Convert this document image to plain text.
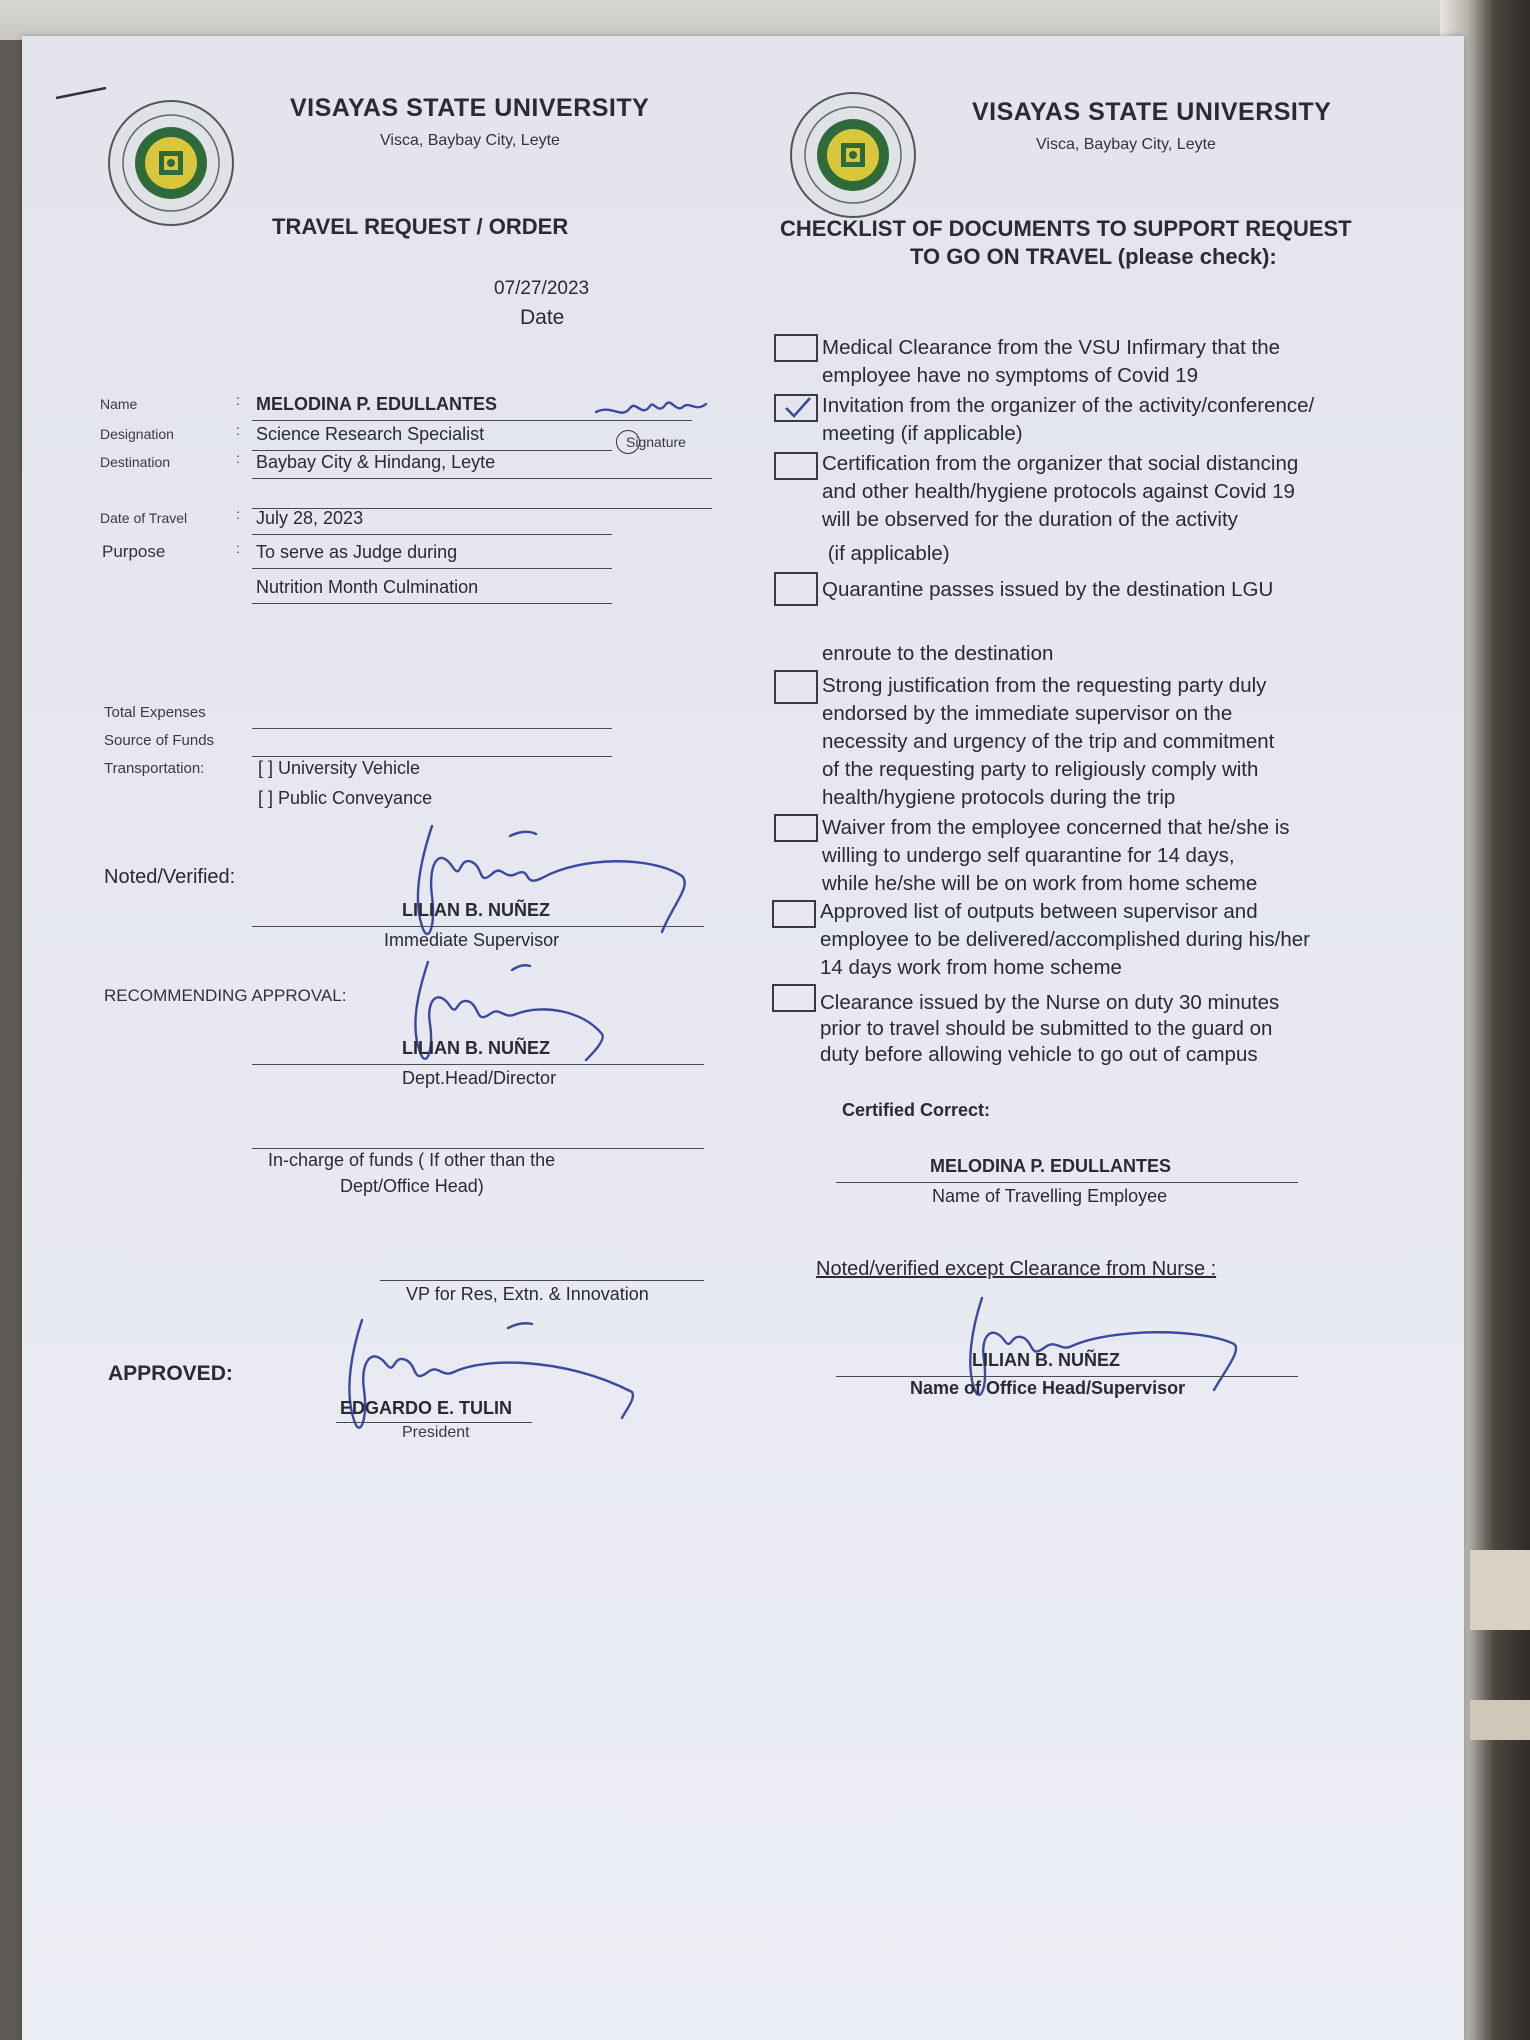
VISAYAS STATE UNIVERSITY
Visca, Baybay City, Leyte
VISAYAS STATE UNIVERSITY
Visca, Baybay City, Leyte
TRAVEL REQUEST / ORDER
07/27/2023
Date
Name	: MELODINA P. EDULLANTES
Designation	: Science Research Specialist	Signature
Destination	: Baybay City & Hindang, Leyte
Date of Travel	: July 28, 2023
Purpose	: To serve as Judge during
Nutrition Month Culmination
Total Expenses
Source of Funds
Transportation:	[ ] University Vehicle
[ ] Public Conveyance
Noted/Verified:
LILIAN B. NUÑEZ
Immediate Supervisor
RECOMMENDING APPROVAL:
LILIAN B. NUÑEZ
Dept.Head/Director
In-charge of funds ( If other than the
Dept/Office Head)
VP for Res, Extn. & Innovation
APPROVED:
EDGARDO E. TULIN
President
CHECKLIST OF DOCUMENTS TO SUPPORT REQUEST
TO GO ON TRAVEL (please check):
Medical Clearance from the VSU Infirmary that the
employee have no symptoms of Covid 19
Invitation from the organizer of the activity/conference/
meeting (if applicable)
Certification from the organizer that social distancing
and other health/hygiene protocols against Covid 19
will be observed for the duration of the activity
(if applicable)
Quarantine passes issued by the destination LGU
enroute to the destination
Strong justification from the requesting party duly
endorsed by the immediate supervisor on the
necessity and urgency of the trip and commitment
of the requesting party to religiously comply with
health/hygiene protocols during the trip
Waiver from the employee concerned that he/she is
willing to undergo self quarantine for 14 days,
while he/she will be on work from home scheme
Approved list of outputs between supervisor and
employee to be delivered/accomplished during his/her
14 days work from home scheme
Clearance issued by the Nurse on duty 30 minutes
prior to travel should be submitted to the guard on
duty before allowing vehicle to go out of campus
Certified Correct:
MELODINA P. EDULLANTES
Name of Travelling Employee
Noted/verified except Clearance from Nurse :
LILIAN B. NUÑEZ
Name of Office Head/Supervisor
